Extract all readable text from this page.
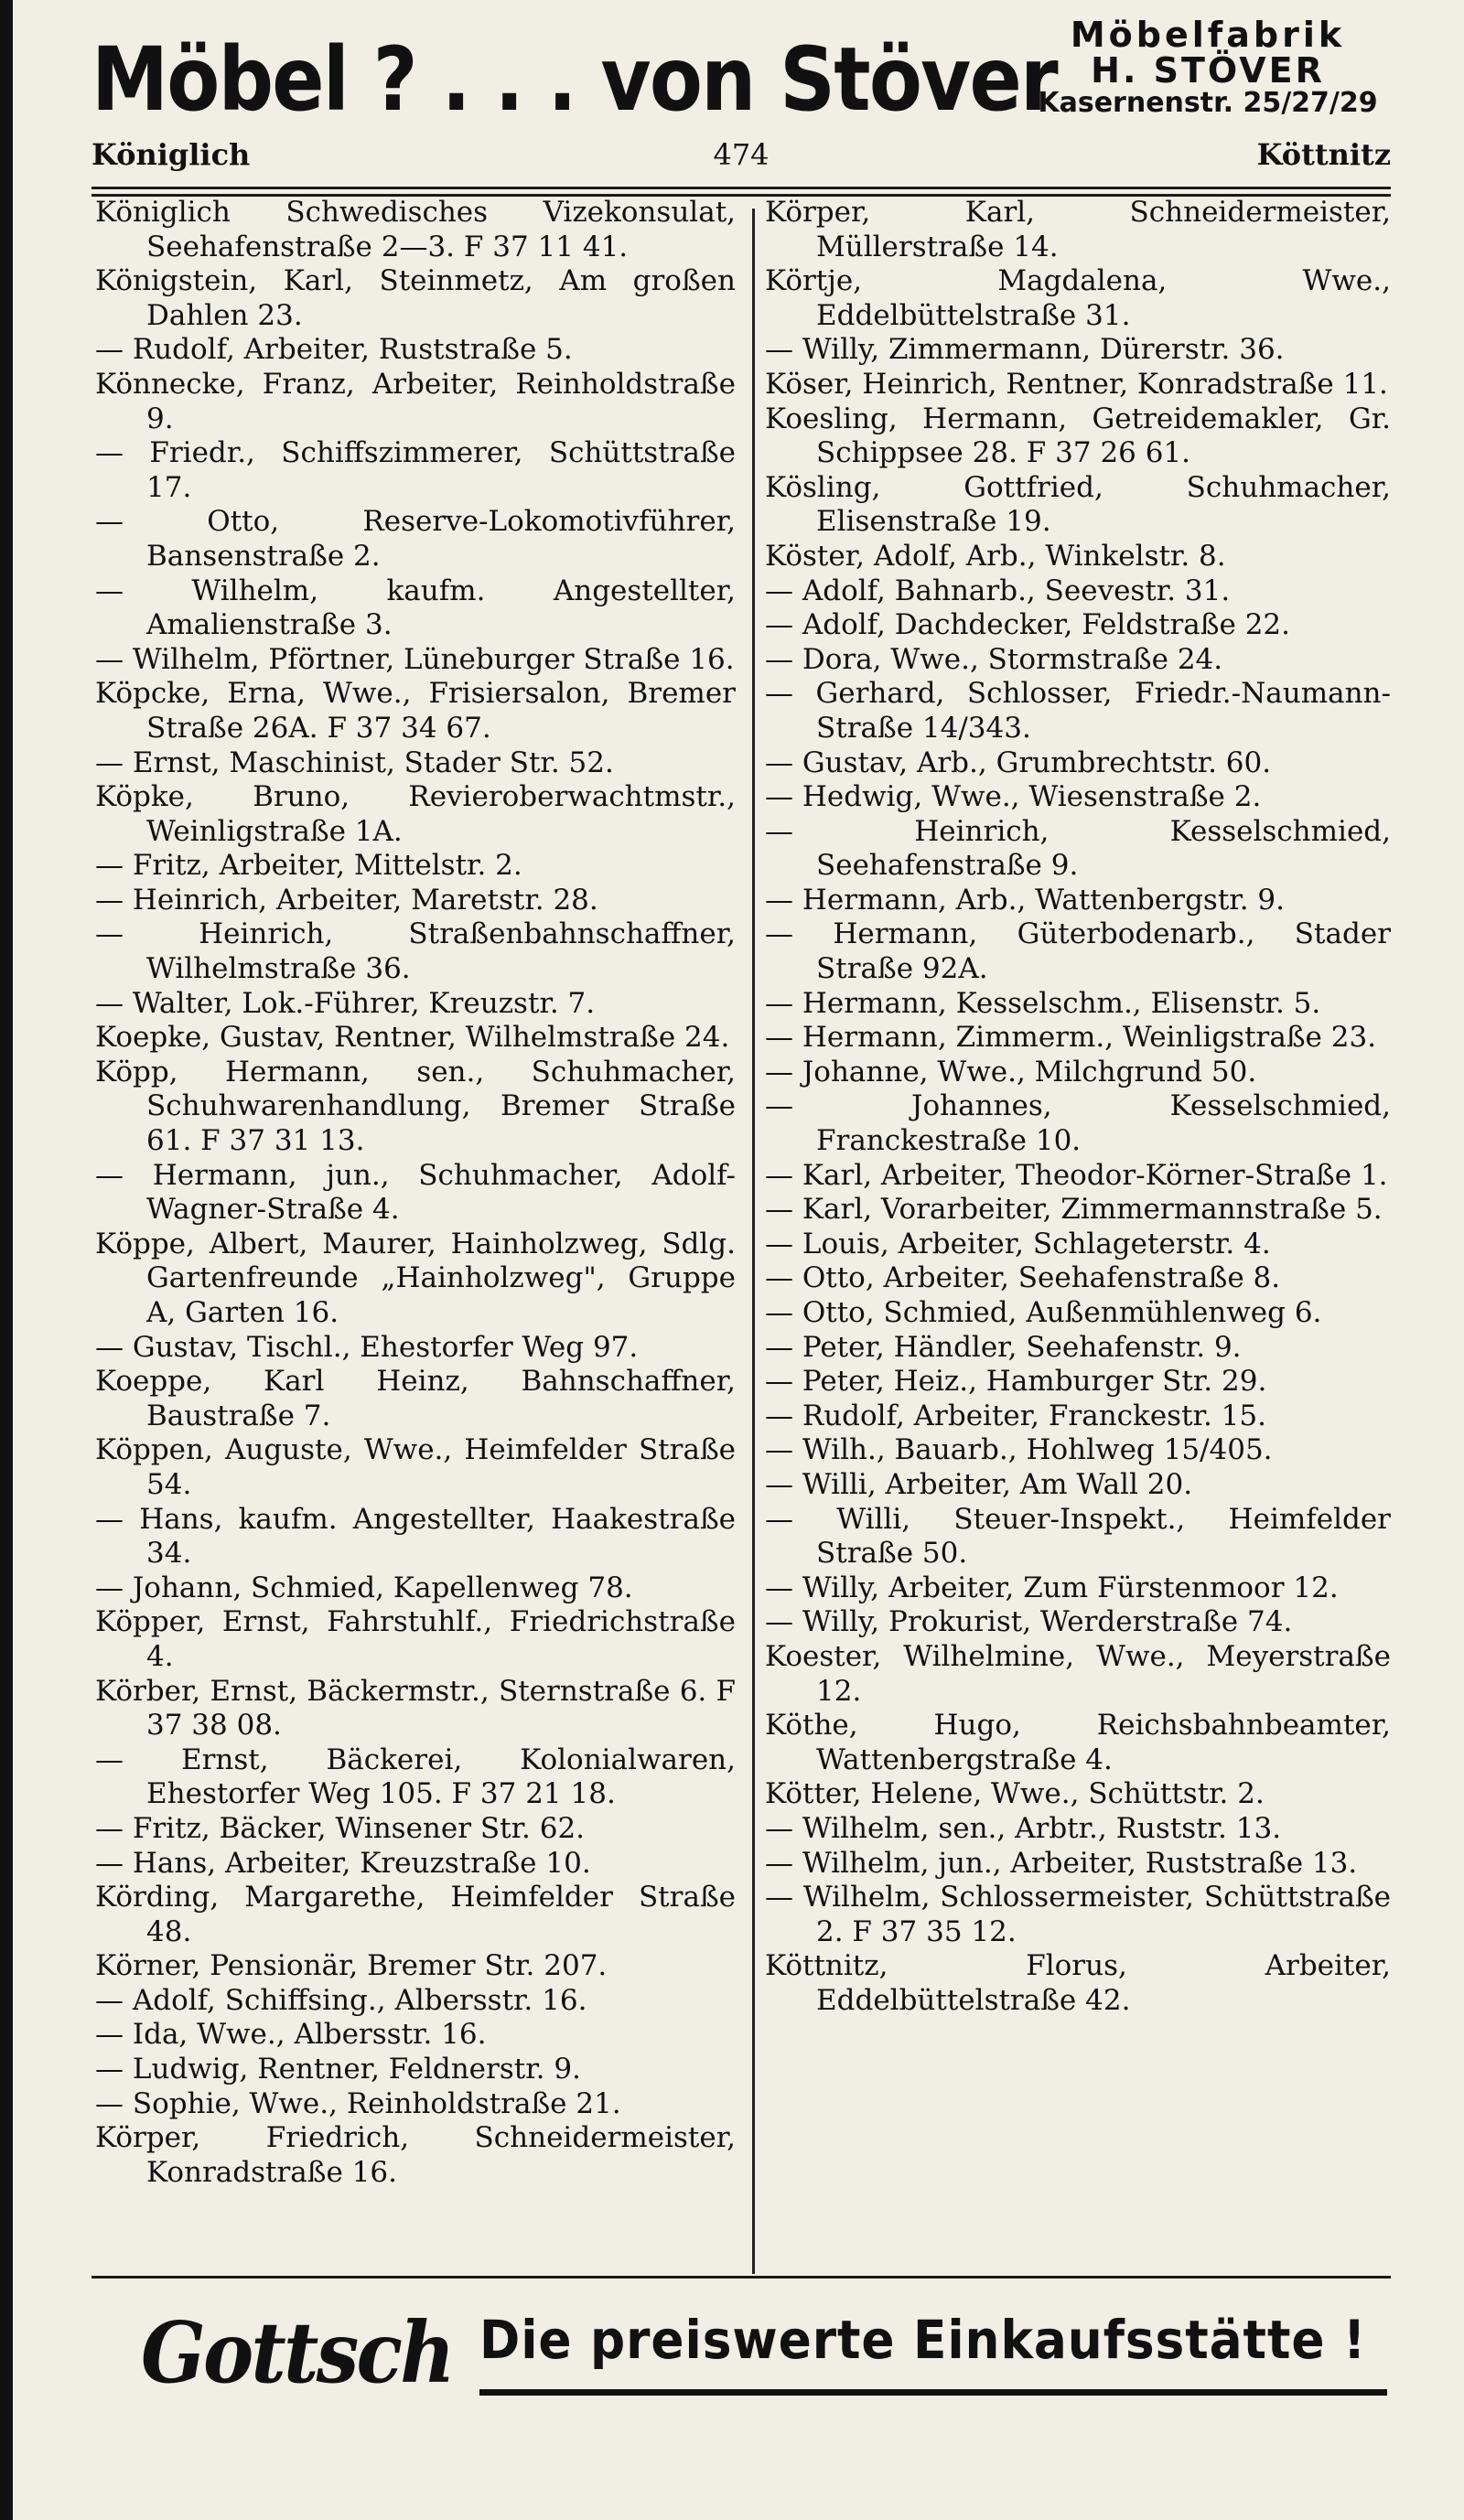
Möbel ? . . . von Stöver Möbelfabrik
H. STÖVER
Kasernenstr. 25/27/29
Königlich	474	Köttnitz

Königlich Schwedisches Vizekonsulat, Seehafenstraße 2—3. F 37 11 41.

Königstein, Karl, Steinmetz, Am großen Dahlen 23.

— Rudolf, Arbeiter, Ruststraße 5.

Könnecke, Franz, Arbeiter, Reinholdstraße 9.

— Friedr., Schiffszimmerer, Schüttstraße 17.

— Otto, Reserve-Lokomotivführer, Bansenstraße 2.

— Wilhelm, kaufm. Angestellter, Amalienstraße 3.

— Wilhelm, Pförtner, Lüneburger Straße 16.

Köpcke, Erna, Wwe., Frisiersalon, Bremer Straße 26A. F 37 34 67.

— Ernst, Maschinist, Stader Str. 52.

Köpke, Bruno, Revieroberwachtmstr., Weinligstraße 1A.

— Fritz, Arbeiter, Mittelstr. 2.

— Heinrich, Arbeiter, Maretstr. 28.

— Heinrich, Straßenbahnschaffner, Wilhelmstraße 36.

— Walter, Lok.-Führer, Kreuzstr. 7.

Koepke, Gustav, Rentner, Wilhelmstraße 24.

Köpp, Hermann, sen., Schuhmacher, Schuhwarenhandlung, Bremer Straße 61. F 37 31 13.

— Hermann, jun., Schuhmacher, Adolf-Wagner-Straße 4.

Köppe, Albert, Maurer, Hainholzweg, Sdlg. Gartenfreunde „Hainholzweg", Gruppe A, Garten 16.

— Gustav, Tischl., Ehestorfer Weg 97.

Koeppe, Karl Heinz, Bahnschaffner, Baustraße 7.

Köppen, Auguste, Wwe., Heimfelder Straße 54.

— Hans, kaufm. Angestellter, Haakestraße 34.

— Johann, Schmied, Kapellenweg 78.

Köpper, Ernst, Fahrstuhlf., Friedrichstraße 4.

Körber, Ernst, Bäckermstr., Sternstraße 6. F 37 38 08.

— Ernst, Bäckerei, Kolonialwaren, Ehestorfer Weg 105. F 37 21 18.

— Fritz, Bäcker, Winsener Str. 62.

— Hans, Arbeiter, Kreuzstraße 10.

Körding, Margarethe, Heimfelder Straße 48.

Körner, Pensionär, Bremer Str. 207.

— Adolf, Schiffsing., Albersstr. 16.

— Ida, Wwe., Albersstr. 16.

— Ludwig, Rentner, Feldnerstr. 9.

— Sophie, Wwe., Reinholdstraße 21.

Körper, Friedrich, Schneidermeister, Konradstraße 16.

Körper, Karl, Schneidermeister, Müllerstraße 14.

Körtje, Magdalena, Wwe., Eddelbüttelstraße 31.

— Willy, Zimmermann, Dürerstr. 36.

Köser, Heinrich, Rentner, Konradstraße 11.

Koesling, Hermann, Getreidemakler, Gr. Schippsee 28. F 37 26 61.

Kösling, Gottfried, Schuhmacher, Elisenstraße 19.

Köster, Adolf, Arb., Winkelstr. 8.

— Adolf, Bahnarb., Seevestr. 31.

— Adolf, Dachdecker, Feldstraße 22.

— Dora, Wwe., Stormstraße 24.

— Gerhard, Schlosser, Friedr.-Naumann-Straße 14/343.

— Gustav, Arb., Grumbrechtstr. 60.

— Hedwig, Wwe., Wiesenstraße 2.

— Heinrich, Kesselschmied, Seehafenstraße 9.

— Hermann, Arb., Wattenbergstr. 9.

— Hermann, Güterbodenarb., Stader Straße 92A.

— Hermann, Kesselschm., Elisenstr. 5.

— Hermann, Zimmerm., Weinligstraße 23.

— Johanne, Wwe., Milchgrund 50.

— Johannes, Kesselschmied, Franckestraße 10.

— Karl, Arbeiter, Theodor-Körner-Straße 1.

— Karl, Vorarbeiter, Zimmermannstraße 5.

— Louis, Arbeiter, Schlageterstr. 4.

— Otto, Arbeiter, Seehafenstraße 8.

— Otto, Schmied, Außenmühlenweg 6.

— Peter, Händler, Seehafenstr. 9.

— Peter, Heiz., Hamburger Str. 29.

— Rudolf, Arbeiter, Franckestr. 15.

— Wilh., Bauarb., Hohlweg 15/405.

— Willi, Arbeiter, Am Wall 20.

— Willi, Steuer-Inspekt., Heimfelder Straße 50.

— Willy, Arbeiter, Zum Fürstenmoor 12.

— Willy, Prokurist, Werderstraße 74.

Koester, Wilhelmine, Wwe., Meyerstraße 12.

Köthe, Hugo, Reichsbahnbeamter, Wattenbergstraße 4.

Kötter, Helene, Wwe., Schüttstr. 2.

— Wilhelm, sen., Arbtr., Ruststr. 13.

— Wilhelm, jun., Arbeiter, Ruststraße 13.

— Wilhelm, Schlossermeister, Schüttstraße 2. F 37 35 12.

Köttnitz, Florus, Arbeiter, Eddelbüttelstraße 42.

Gottsch Die preiswerte Einkaufsstätte !
